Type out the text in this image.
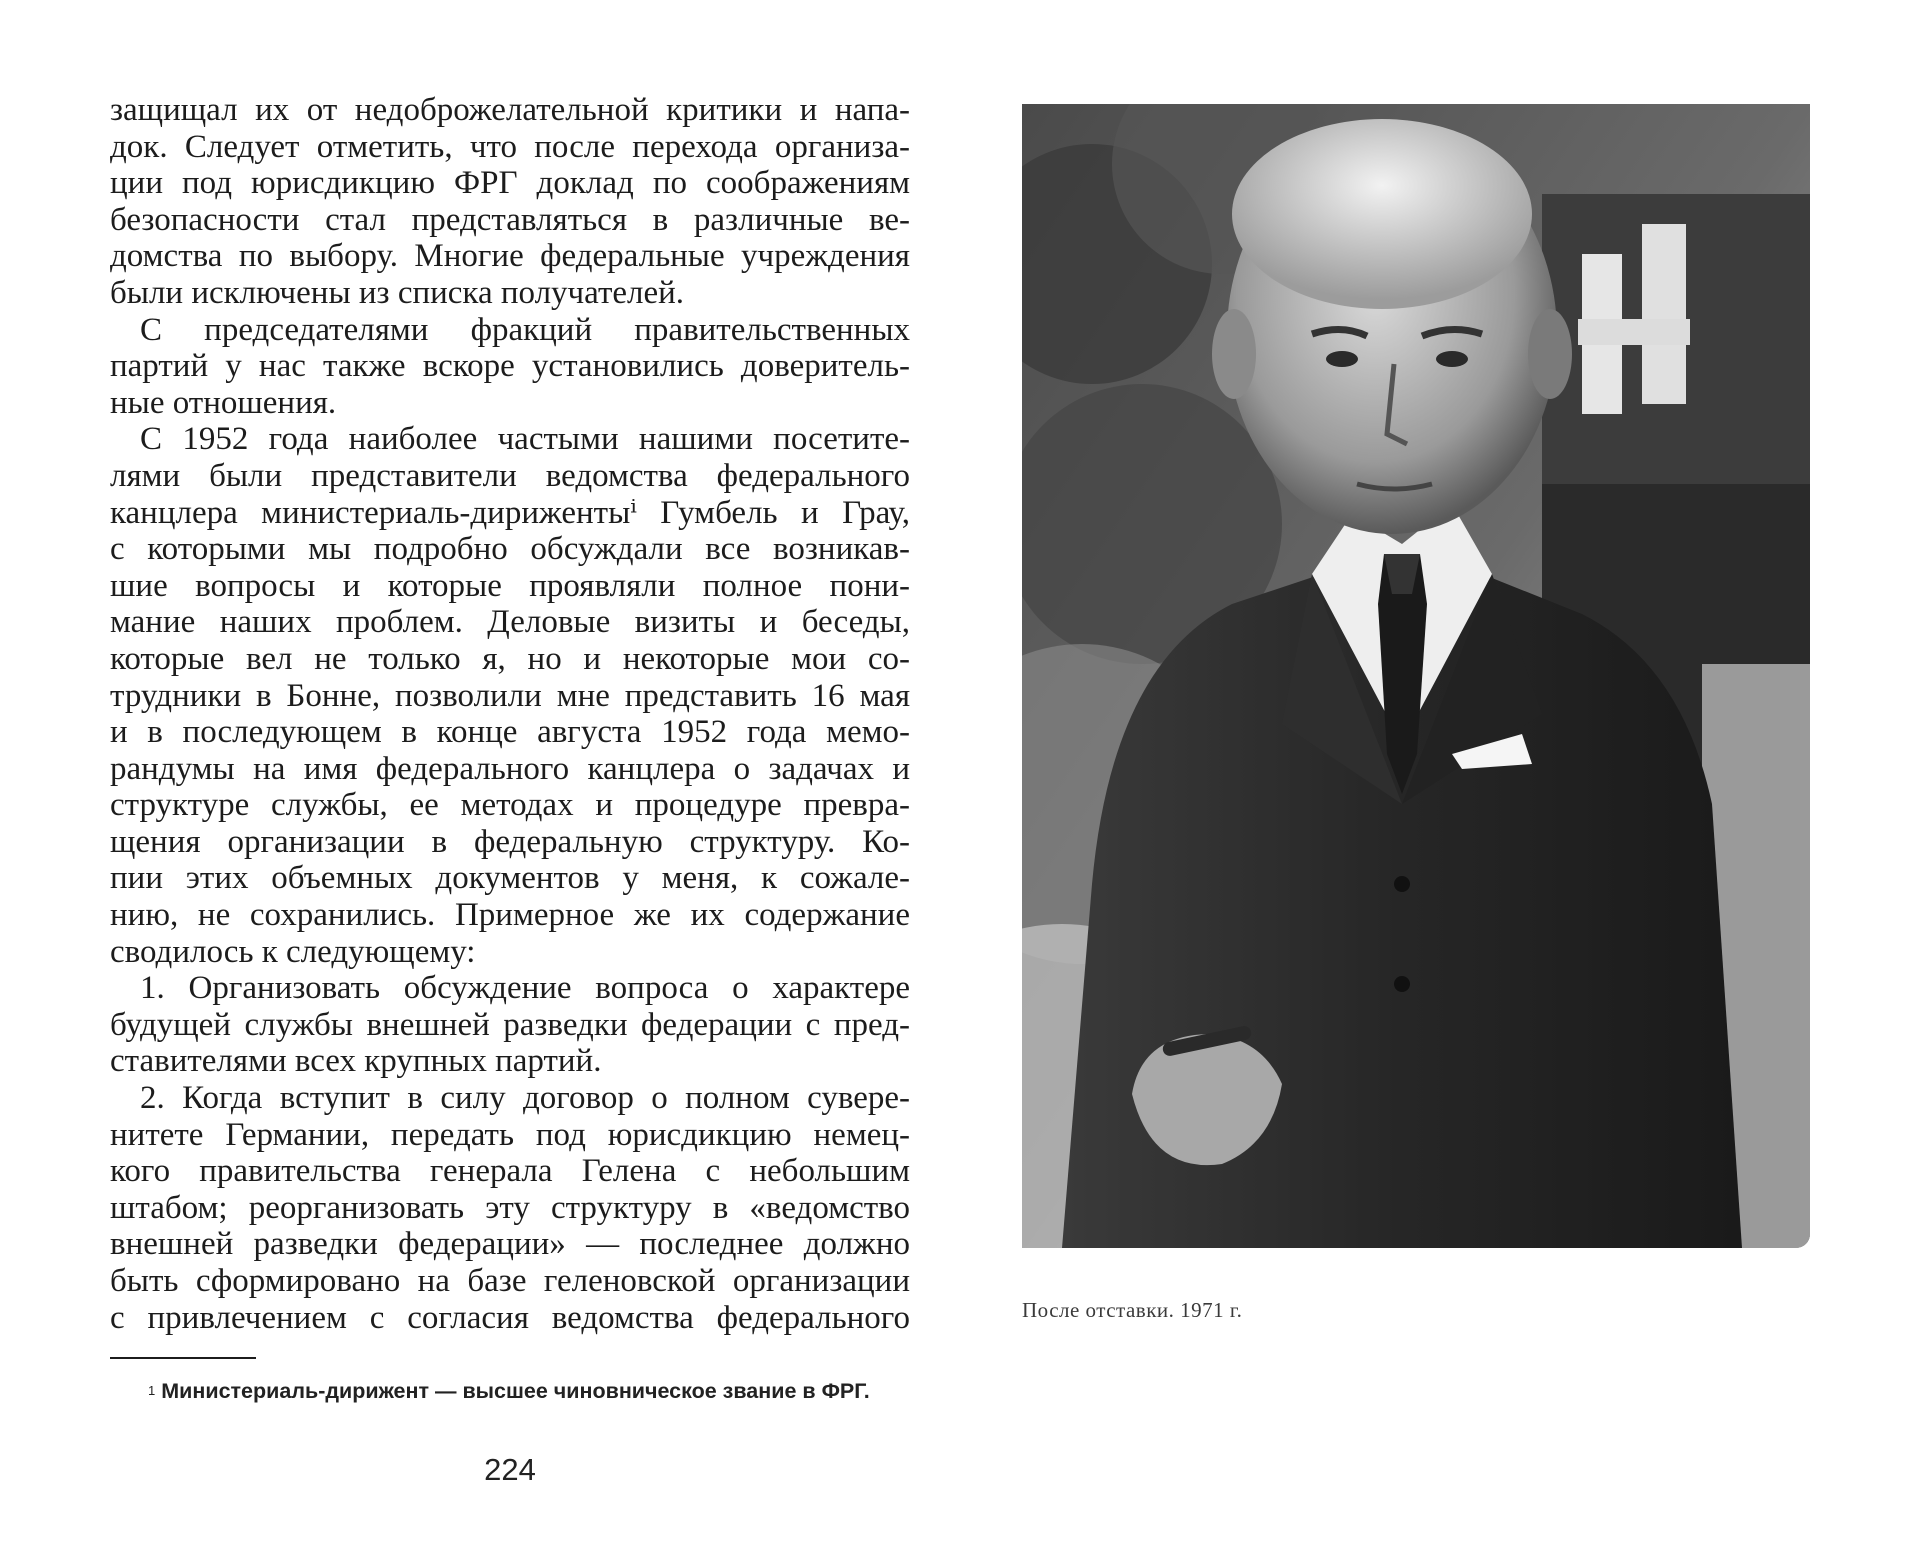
защищал их от недоброжелательной критики и напа-

док. Следует отметить, что после перехода организа-

ции под юрисдикцию ФРГ доклад по соображениям

безопасности стал представляться в различные ве-

домства по выбору. Многие федеральные учреждения

были исключены из списка получателей.

С председателями фракций правительственных

партий у нас также вскоре установились доверитель-

ные отношения.

С 1952 года наиболее частыми нашими посетите-

лями были представители ведомства федерального

канцлера министериаль-дирижентыⁱ Гумбель и Грау,

с которыми мы подробно обсуждали все возникав-

шие вопросы и которые проявляли полное пони-

мание наших проблем. Деловые визиты и беседы,

которые вел не только я, но и некоторые мои со-

трудники в Бонне, позволили мне представить 16 мая

и в последующем в конце августа 1952 года мемо-

рандумы на имя федерального канцлера о задачах и

структуре службы, ее методах и процедуре превра-

щения организации в федеральную структуру. Ко-

пии этих объемных документов у меня, к сожале-

нию, не сохранились. Примерное же их содержание

сводилось к следующему:

1. Организовать обсуждение вопроса о характере

будущей службы внешней разведки федерации с пред-

ставителями всех крупных партий.

2. Когда вступит в силу договор о полном сувере-

нитете Германии, передать под юрисдикцию немец-

кого правительства генерала Гелена с небольшим

штабом; реорганизовать эту структуру в «ведомство

внешней разведки федерации» — последнее должно

быть сформировано на базе геленовской организации

с привлечением с согласия ведомства федерального

$^1$ Министериаль-дирижент — высшее чиновническое звание в ФРГ.
224
После отставки. 1971 г.
